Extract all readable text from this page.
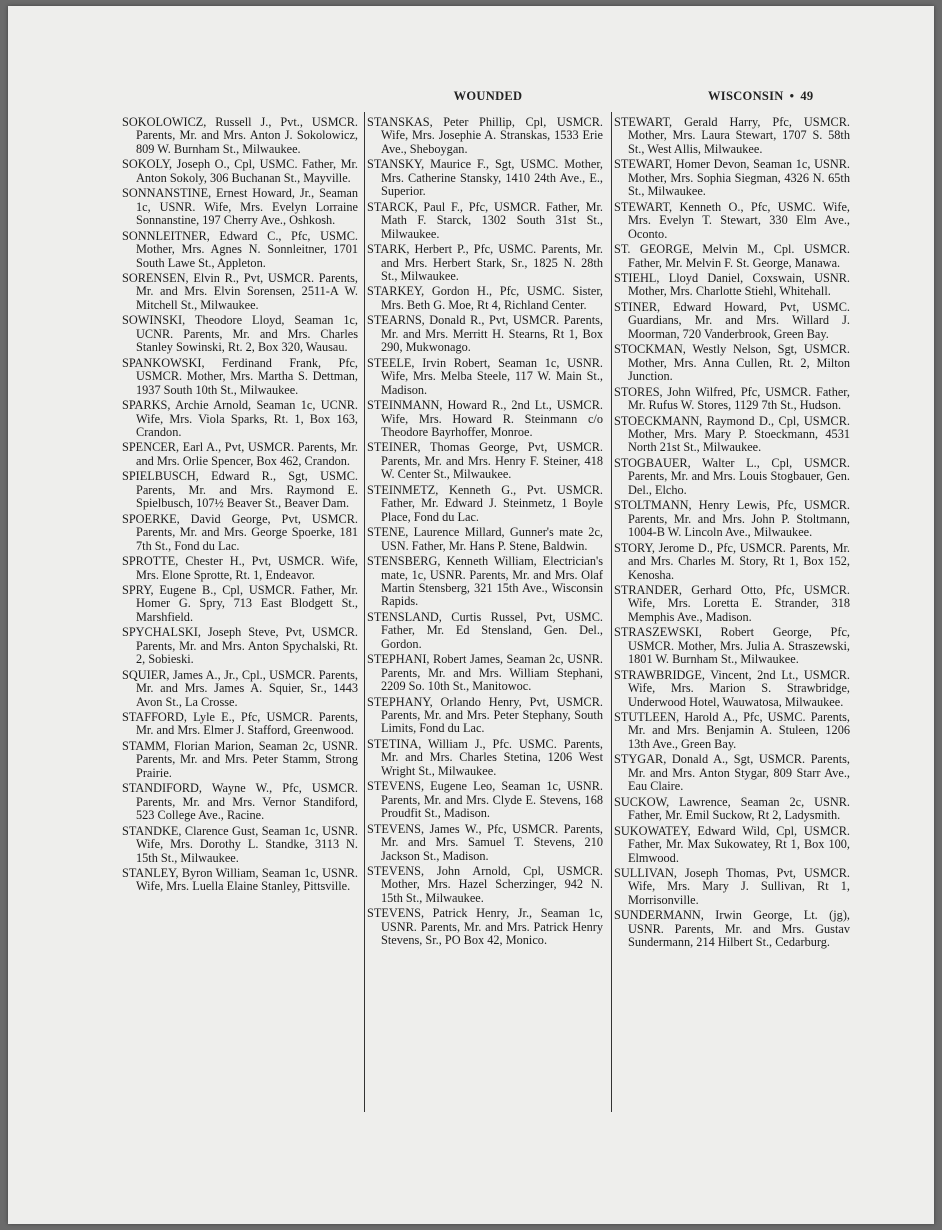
WOUNDED	WISCONSIN • 49

SOKOLOWICZ, Russell J., Pvt., USMCR. Parents, Mr. and Mrs. Anton J. Sokolowicz, 809 W. Burnham St., Milwaukee.

SOKOLY, Joseph O., Cpl, USMC. Father, Mr. Anton Sokoly, 306 Buchanan St., Mayville.

SONNANSTINE, Ernest Howard, Jr., Seaman 1c, USNR. Wife, Mrs. Evelyn Lorraine Sonnanstine, 197 Cherry Ave., Oshkosh.

SONNLEITNER, Edward C., Pfc, USMC. Mother, Mrs. Agnes N. Sonnleitner, 1701 South Lawe St., Appleton.

SORENSEN, Elvin R., Pvt, USMCR. Parents, Mr. and Mrs. Elvin Sorensen, 2511-A W. Mitchell St., Milwaukee.

SOWINSKI, Theodore Lloyd, Seaman 1c, UCNR. Parents, Mr. and Mrs. Charles Stanley Sowinski, Rt. 2, Box 320, Wausau.

SPANKOWSKI, Ferdinand Frank, Pfc, USMCR. Mother, Mrs. Martha S. Dettman, 1937 South 10th St., Milwaukee.

SPARKS, Archie Arnold, Seaman 1c, UCNR. Wife, Mrs. Viola Sparks, Rt. 1, Box 163, Crandon.

SPENCER, Earl A., Pvt, USMCR. Parents, Mr. and Mrs. Orlie Spencer, Box 462, Crandon.

SPIELBUSCH, Edward R., Sgt, USMC. Parents, Mr. and Mrs. Raymond E. Spielbusch, 107½ Beaver St., Beaver Dam.

SPOERKE, David George, Pvt, USMCR. Parents, Mr. and Mrs. George Spoerke, 181 7th St., Fond du Lac.

SPROTTE, Chester H., Pvt, USMCR. Wife, Mrs. Elone Sprotte, Rt. 1, Endeavor.

SPRY, Eugene B., Cpl, USMCR. Father, Mr. Homer G. Spry, 713 East Blodgett St., Marshfield.

SPYCHALSKI, Joseph Steve, Pvt, USMCR. Parents, Mr. and Mrs. Anton Spychalski, Rt. 2, Sobieski.

SQUIER, James A., Jr., Cpl., USMCR. Parents, Mr. and Mrs. James A. Squier, Sr., 1443 Avon St., La Crosse.

STAFFORD, Lyle E., Pfc, USMCR. Parents, Mr. and Mrs. Elmer J. Stafford, Greenwood.

STAMM, Florian Marion, Seaman 2c, USNR. Parents, Mr. and Mrs. Peter Stamm, Strong Prairie.

STANDIFORD, Wayne W., Pfc, USMCR. Parents, Mr. and Mrs. Vernor Standiford, 523 College Ave., Racine.

STANDKE, Clarence Gust, Seaman 1c, USNR. Wife, Mrs. Dorothy L. Standke, 3113 N. 15th St., Milwaukee.

STANLEY, Byron William, Seaman 1c, USNR. Wife, Mrs. Luella Elaine Stanley, Pittsville.

STANSKAS, Peter Phillip, Cpl, USMCR. Wife, Mrs. Josephie A. Stranskas, 1533 Erie Ave., Sheboygan.

STANSKY, Maurice F., Sgt, USMC. Mother, Mrs. Catherine Stansky, 1410 24th Ave., E., Superior.

STARCK, Paul F., Pfc, USMCR. Father, Mr. Math F. Starck, 1302 South 31st St., Milwaukee.

STARK, Herbert P., Pfc, USMC. Parents, Mr. and Mrs. Herbert Stark, Sr., 1825 N. 28th St., Milwaukee.

STARKEY, Gordon H., Pfc, USMC. Sister, Mrs. Beth G. Moe, Rt 4, Richland Center.

STEARNS, Donald R., Pvt, USMCR. Parents, Mr. and Mrs. Merritt H. Stearns, Rt 1, Box 290, Mukwonago.

STEELE, Irvin Robert, Seaman 1c, USNR. Wife, Mrs. Melba Steele, 117 W. Main St., Madison.

STEINMANN, Howard R., 2nd Lt., USMCR. Wife, Mrs. Howard R. Steinmann c/o Theodore Bayrhoffer, Monroe.

STEINER, Thomas George, Pvt, USMCR. Parents, Mr. and Mrs. Henry F. Steiner, 418 W. Center St., Milwaukee.

STEINMETZ, Kenneth G., Pvt. USMCR. Father, Mr. Edward J. Steinmetz, 1 Boyle Place, Fond du Lac.

STENE, Laurence Millard, Gunner's mate 2c, USN. Father, Mr. Hans P. Stene, Baldwin.

STENSBERG, Kenneth William, Electrician's mate, 1c, USNR. Parents, Mr. and Mrs. Olaf Martin Stensberg, 321 15th Ave., Wisconsin Rapids.

STENSLAND, Curtis Russel, Pvt, USMC. Father, Mr. Ed Stensland, Gen. Del., Gordon.

STEPHANI, Robert James, Seaman 2c, USNR. Parents, Mr. and Mrs. William Stephani, 2209 So. 10th St., Manitowoc.

STEPHANY, Orlando Henry, Pvt, USMCR. Parents, Mr. and Mrs. Peter Stephany, South Limits, Fond du Lac.

STETINA, William J., Pfc. USMC. Parents, Mr. and Mrs. Charles Stetina, 1206 West Wright St., Milwaukee.

STEVENS, Eugene Leo, Seaman 1c, USNR. Parents, Mr. and Mrs. Clyde E. Stevens, 168 Proudfit St., Madison.

STEVENS, James W., Pfc, USMCR. Parents, Mr. and Mrs. Samuel T. Stevens, 210 Jackson St., Madison.

STEVENS, John Arnold, Cpl, USMCR. Mother, Mrs. Hazel Scherzinger, 942 N. 15th St., Milwaukee.

STEVENS, Patrick Henry, Jr., Seaman 1c, USNR. Parents, Mr. and Mrs. Patrick Henry Stevens, Sr., PO Box 42, Monico.

STEWART, Gerald Harry, Pfc, USMCR. Mother, Mrs. Laura Stewart, 1707 S. 58th St., West Allis, Milwaukee.

STEWART, Homer Devon, Seaman 1c, USNR. Mother, Mrs. Sophia Siegman, 4326 N. 65th St., Milwaukee.

STEWART, Kenneth O., Pfc, USMC. Wife, Mrs. Evelyn T. Stewart, 330 Elm Ave., Oconto.

ST. GEORGE, Melvin M., Cpl. USMCR. Father, Mr. Melvin F. St. George, Manawa.

STIEHL, Lloyd Daniel, Coxswain, USNR. Mother, Mrs. Charlotte Stiehl, Whitehall.

STINER, Edward Howard, Pvt, USMC. Guardians, Mr. and Mrs. Willard J. Moorman, 720 Vanderbrook, Green Bay.

STOCKMAN, Westly Nelson, Sgt, USMCR. Mother, Mrs. Anna Cullen, Rt. 2, Milton Junction.

STORES, John Wilfred, Pfc, USMCR. Father, Mr. Rufus W. Stores, 1129 7th St., Hudson.

STOECKMANN, Raymond D., Cpl, USMCR. Mother, Mrs. Mary P. Stoeckmann, 4531 North 21st St., Milwaukee.

STOGBAUER, Walter L., Cpl, USMCR. Parents, Mr. and Mrs. Louis Stogbauer, Gen. Del., Elcho.

STOLTMANN, Henry Lewis, Pfc, USMCR. Parents, Mr. and Mrs. John P. Stoltmann, 1004-B W. Lincoln Ave., Milwaukee.

STORY, Jerome D., Pfc, USMCR. Parents, Mr. and Mrs. Charles M. Story, Rt 1, Box 152, Kenosha.

STRANDER, Gerhard Otto, Pfc, USMCR. Wife, Mrs. Loretta E. Strander, 318 Memphis Ave., Madison.

STRASZEWSKI, Robert George, Pfc, USMCR. Mother, Mrs. Julia A. Straszewski, 1801 W. Burnham St., Milwaukee.

STRAWBRIDGE, Vincent, 2nd Lt., USMCR. Wife, Mrs. Marion S. Strawbridge, Underwood Hotel, Wauwatosa, Milwaukee.

STUTLEEN, Harold A., Pfc, USMC. Parents, Mr. and Mrs. Benjamin A. Stuleen, 1206 13th Ave., Green Bay.

STYGAR, Donald A., Sgt, USMCR. Parents, Mr. and Mrs. Anton Stygar, 809 Starr Ave., Eau Claire.

SUCKOW, Lawrence, Seaman 2c, USNR. Father, Mr. Emil Suckow, Rt 2, Ladysmith.

SUKOWATEY, Edward Wild, Cpl, USMCR. Father, Mr. Max Sukowatey, Rt 1, Box 100, Elmwood.

SULLIVAN, Joseph Thomas, Pvt, USMCR. Wife, Mrs. Mary J. Sullivan, Rt 1, Morrisonville.

SUNDERMANN, Irwin George, Lt. (jg), USNR. Parents, Mr. and Mrs. Gustav Sundermann, 214 Hilbert St., Cedarburg.
